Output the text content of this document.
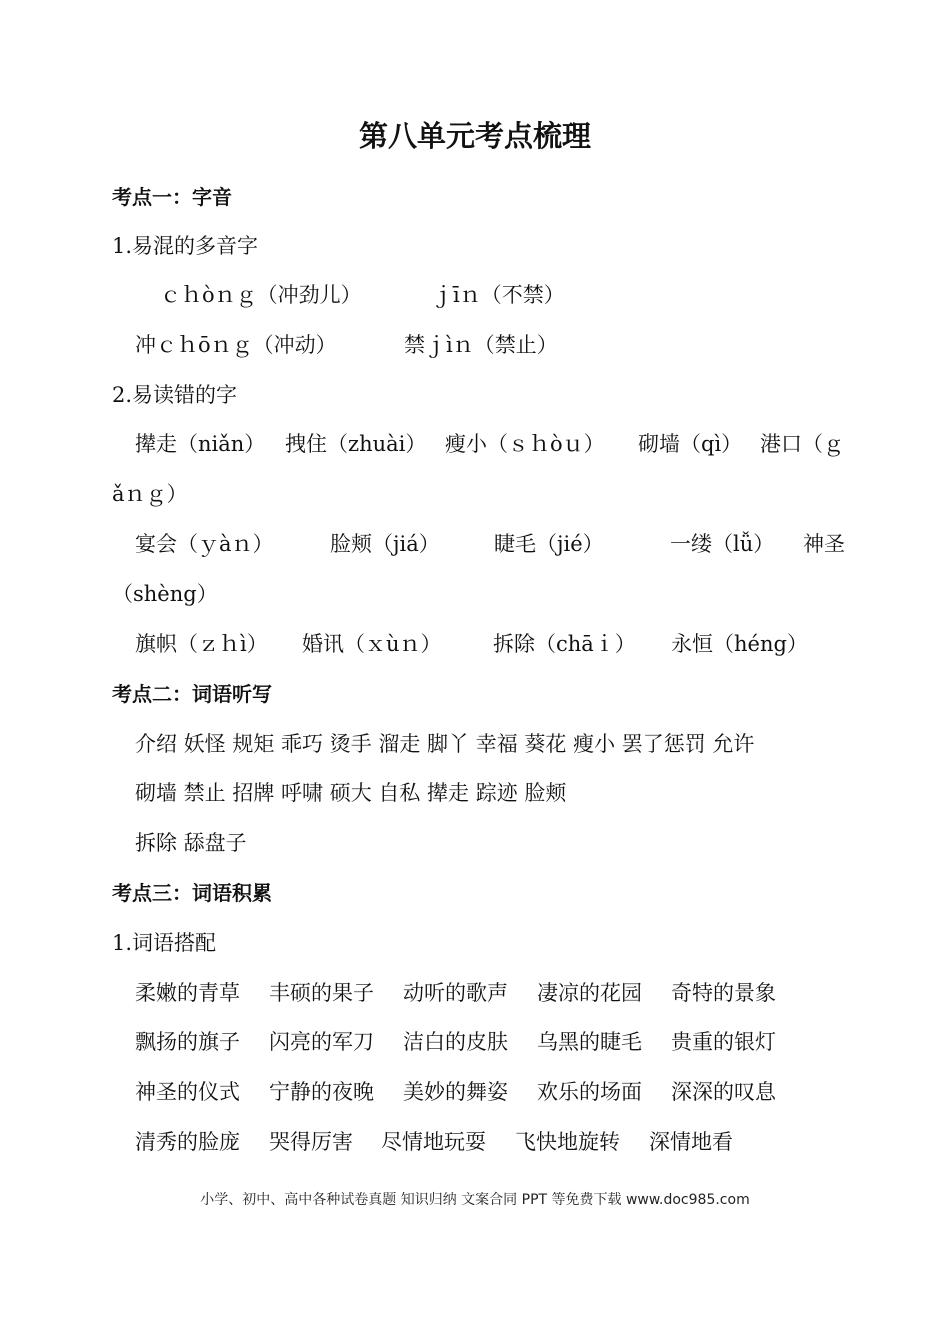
第八单元考点梳理
考点一：字音
1.易混的多音字
ｃｈòｎｇ（冲劲儿）	ｊīｎ（不禁）
冲ｃｈōｎｇ（冲动）	禁ｊìｎ（禁止）
2.易读错的字
撵走（niǎn） 拽住（zhuài） 瘦小（ｓｈòｕ） 砌墙（qì） 港口（ｇ
ǎｎｇ）
宴会（ｙàｎ）	脸颊（jiá）	睫毛（jié）	一缕（lǚ） 神圣
（shèng）
旗帜（ｚｈì） 婚讯（ｘùｎ） 拆除（chāｉ） 永恒（héng）
考点二：词语听写
介绍 妖怪 规矩 乖巧 烫手 溜走 脚丫 幸福 葵花 瘦小 罢了惩罚 允许
砌墙 禁止 招牌 呼啸 硕大 自私 撵走 踪迹 脸颊
拆除 舔盘子
考点三：词语积累
1.词语搭配
柔嫩的青草 丰硕的果子 动听的歌声 凄凉的花园 奇特的景象
飘扬的旗子 闪亮的军刀 洁白的皮肤 乌黑的睫毛 贵重的银灯
神圣的仪式 宁静的夜晚 美妙的舞姿 欢乐的场面 深深的叹息
清秀的脸庞 哭得厉害 尽情地玩耍 飞快地旋转 深情地看
小学、初中、高中各种试卷真题 知识归纳 文案合同 PPT 等免费下载 www.doc985.com
